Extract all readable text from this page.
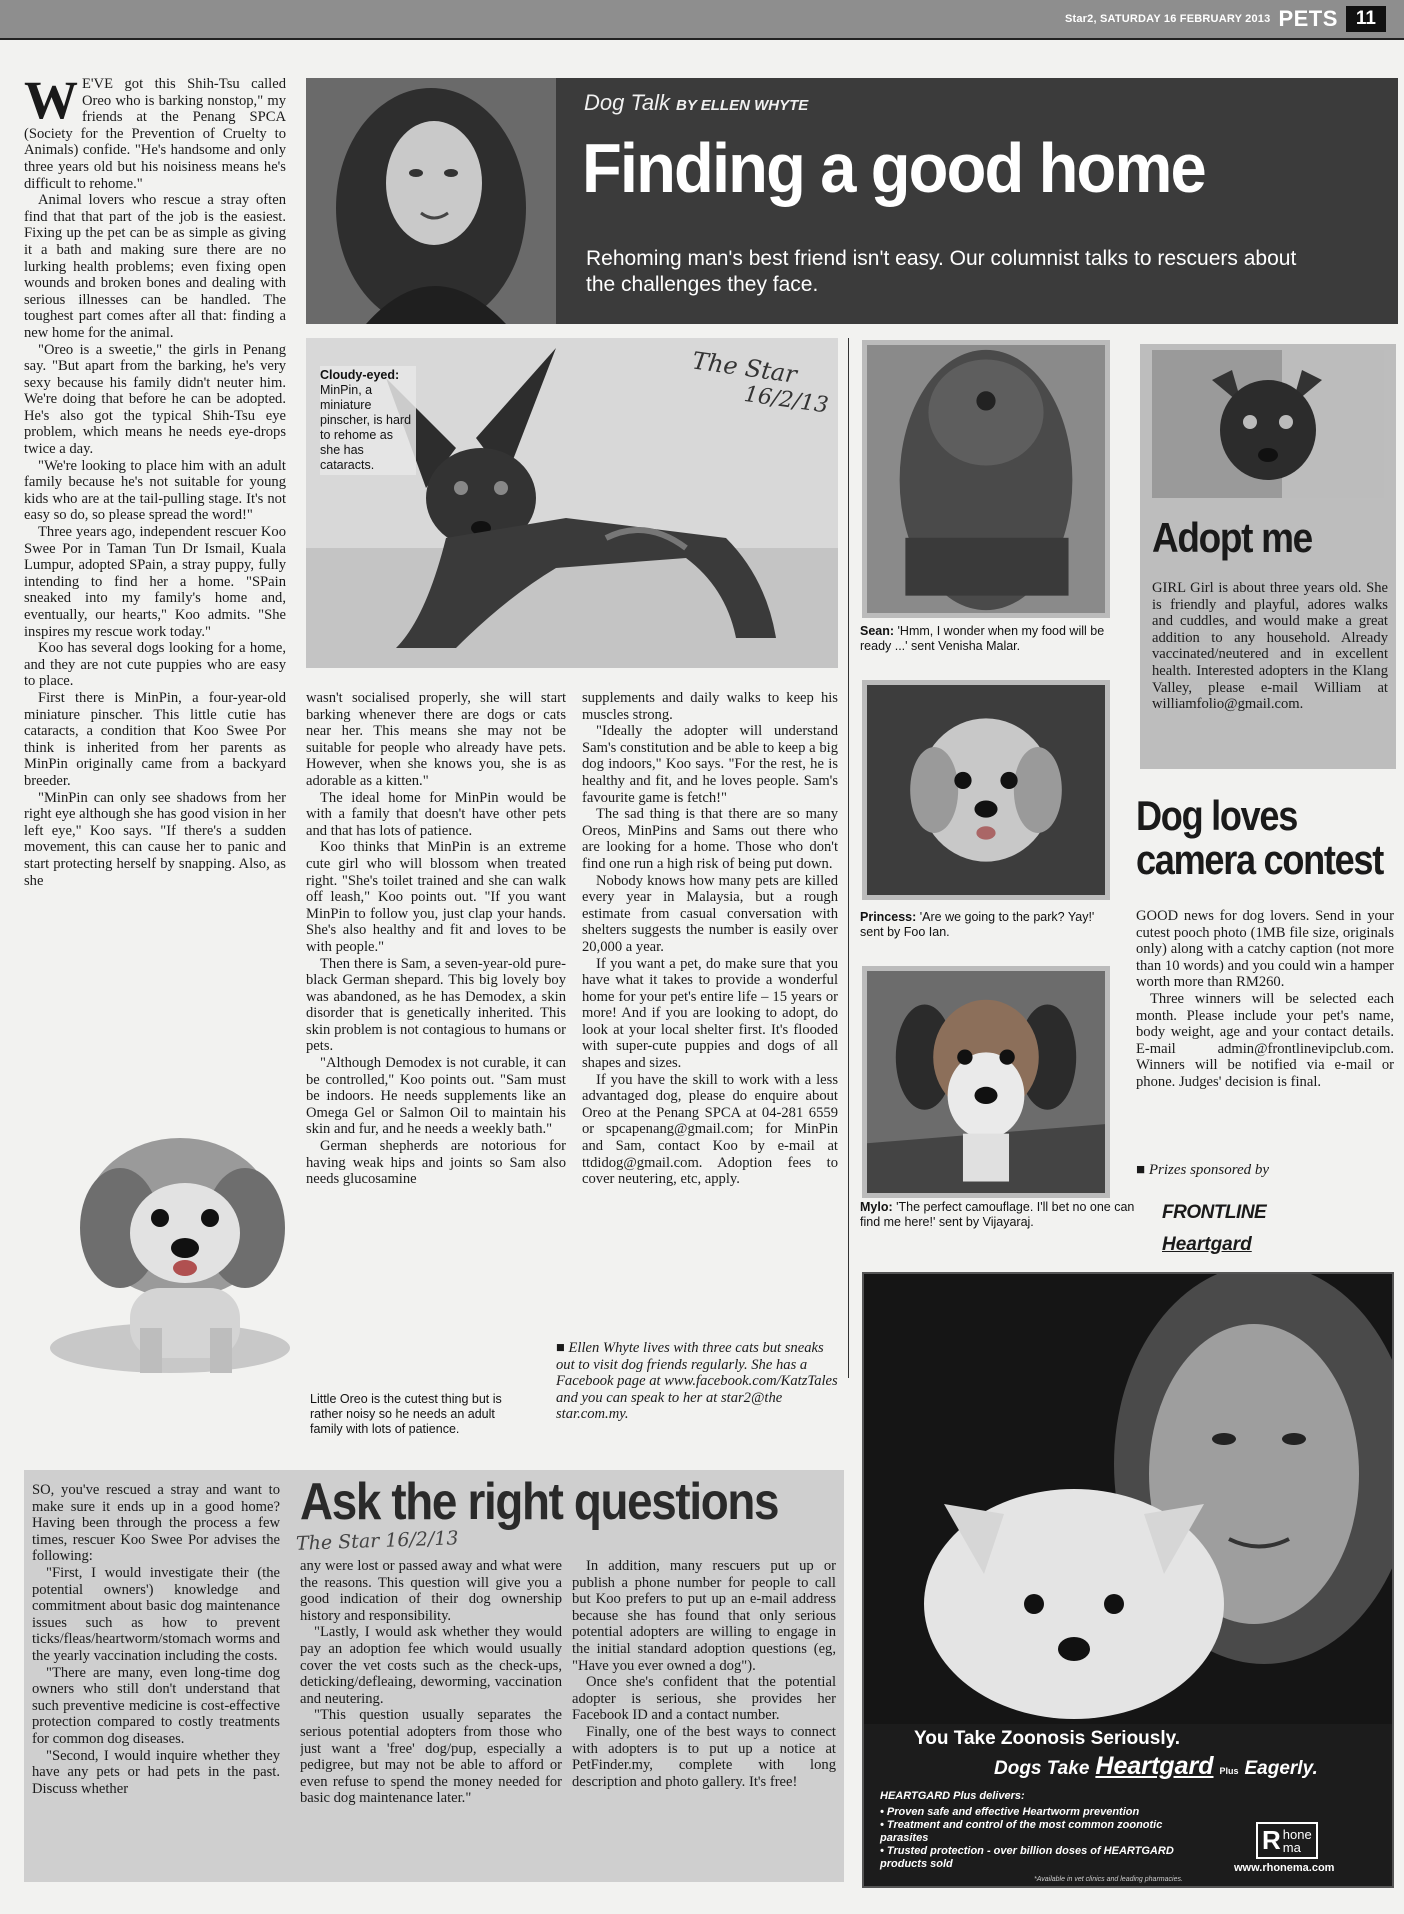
Star2, SATURDAY 16 FEBRUARY 2013 PETS 11
Dog Talk BY ELLEN WHYTE
Finding a good home
Rehoming man's best friend isn't easy. Our columnist talks to rescuers about the challenges they face.
W E'VE got this Shih-Tsu called Oreo who is barking nonstop," my friends at the Penang SPCA (Society for the Prevention of Cruelty to Animals) confide. "He's handsome and only three years old but his noisiness means he's difficult to rehome."

Animal lovers who rescue a stray often find that that part of the job is the easiest. Fixing up the pet can be as simple as giving it a bath and making sure there are no lurking health problems; even fixing open wounds and broken bones and dealing with serious illnesses can be handled. The toughest part comes after all that: finding a new home for the animal.

"Oreo is a sweetie," the girls in Penang say. "But apart from the barking, he's very sexy because his family didn't neuter him. We're doing that before he can be adopted. He's also got the typical Shih-Tsu eye problem, which means he needs eye-drops twice a day.

"We're looking to place him with an adult family because he's not suitable for young kids who are at the tail-pulling stage. It's not easy so do, so please spread the word!"

Three years ago, independent rescuer Koo Swee Por in Taman Tun Dr Ismail, Kuala Lumpur, adopted SPain, a stray puppy, fully intending to find her a home. "SPain sneaked into my family's home and, eventually, our hearts," Koo admits. "She inspires my rescue work today."

Koo has several dogs looking for a home, and they are not cute puppies who are easy to place.

First there is MinPin, a four-year-old miniature pinscher. This little cutie has cataracts, a condition that Koo Swee Por think is inherited from her parents as MinPin originally came from a backyard breeder.

"MinPin can only see shadows from her right eye although she has good vision in her left eye," Koo says. "If there's a sudden movement, this can cause her to panic and start protecting herself by snapping. Also, as she

Cloudy-eyed:
MinPin, a miniature pinscher, is hard to rehome as she has cataracts.
The Star
16/2/13

wasn't socialised properly, she will start barking whenever there are dogs or cats near her. This means she may not be suitable for people who already have pets. However, when she knows you, she is as adorable as a kitten."

The ideal home for MinPin would be with a family that doesn't have other pets and that has lots of patience.

Koo thinks that MinPin is an extreme cute girl who will blossom when treated right. "She's toilet trained and she can walk off leash," Koo points out. "If you want MinPin to follow you, just clap your hands. She's also healthy and fit and loves to be with people."

Then there is Sam, a seven-year-old pure-black German shepard. This big lovely boy was abandoned, as he has Demodex, a skin disorder that is genetically inherited. This skin problem is not contagious to humans or pets.

"Although Demodex is not curable, it can be controlled," Koo points out. "Sam must be indoors. He needs supplements like an Omega Gel or Salmon Oil to maintain his skin and fur, and he needs a weekly bath."

German shepherds are notorious for having weak hips and joints so Sam also needs glucosamine

Little Oreo is the cutest thing but is rather noisy so he needs an adult family with lots of patience.

supplements and daily walks to keep his muscles strong.

"Ideally the adopter will understand Sam's constitution and be able to keep a big dog indoors," Koo says. "For the rest, he is healthy and fit, and he loves people. Sam's favourite game is fetch!"

The sad thing is that there are so many Oreos, MinPins and Sams out there who are looking for a home. Those who don't find one run a high risk of being put down.

Nobody knows how many pets are killed every year in Malaysia, but a rough estimate from casual conversation with shelters suggests the number is easily over 20,000 a year.

If you want a pet, do make sure that you have what it takes to provide a wonderful home for your pet's entire life – 15 years or more! And if you are looking to adopt, do look at your local shelter first. It's flooded with super-cute puppies and dogs of all shapes and sizes.

If you have the skill to work with a less advantaged dog, please do enquire about Oreo at the Penang SPCA at 04-281 6559 or spcapenang@gmail.com; for MinPin and Sam, contact Koo by e-mail at ttdidog@gmail.com. Adoption fees to cover neutering, etc, apply.

■ Ellen Whyte lives with three cats but sneaks out to visit dog friends regularly. She has a Facebook page at www.facebook.com/KatzTales and you can speak to her at star2@the star.com.my.
Sean: 'Hmm, I wonder when my food will be ready ...' sent Venisha Malar.
Princess: 'Are we going to the park? Yay!' sent by Foo Ian.
Mylo: 'The perfect camouflage. I'll bet no one can find me here!' sent by Vijayaraj.
Adopt me
GIRL Girl is about three years old. She is friendly and playful, adores walks and cuddles, and would make a great addition to any household. Already vaccinated/neutered and in excellent health. Interested adopters in the Klang Valley, please e-mail William at williamfolio@gmail.com.
Dog loves
camera contest

GOOD news for dog lovers. Send in your cutest pooch photo (1MB file size, originals only) along with a catchy caption (not more than 10 words) and you could win a hamper worth more than RM260.

Three winners will be selected each month. Please include your pet's name, body weight, age and your contact details. E-mail admin@frontlinevipclub.com. Winners will be notified via e-mail or phone. Judges' decision is final.

■ Prizes sponsored by
FRONTLINE
Heartgard
Ask the right questions
The Star 16/2/13

SO, you've rescued a stray and want to make sure it ends up in a good home? Having been through the process a few times, rescuer Koo Swee Por advises the following:

"First, I would investigate their (the potential owners') knowledge and commitment about basic dog maintenance issues such as how to prevent ticks/fleas/heartworm/stomach worms and the yearly vaccination including the costs.

"There are many, even long-time dog owners who still don't understand that such preventive medicine is cost-effective protection compared to costly treatments for common dog diseases.

"Second, I would inquire whether they have any pets or had pets in the past. Discuss whether

any were lost or passed away and what were the reasons. This question will give you a good indication of their dog ownership history and responsibility.

"Lastly, I would ask whether they would pay an adoption fee which would usually cover the vet costs such as the check-ups, deticking/defleaing, deworming, vaccination and neutering.

"This question usually separates the serious potential adopters from those who just want a 'free' dog/pup, especially a pedigree, but may not be able to afford or even refuse to spend the money needed for basic dog maintenance later."

In addition, many rescuers put up or publish a phone number for people to call but Koo prefers to put up an e-mail address because she has found that only serious potential adopters are willing to engage in the initial standard adoption questions (eg, "Have you ever owned a dog").

Once she's confident that the potential adopter is serious, she provides her Facebook ID and a contact number.

Finally, one of the best ways to connect with adopters is to put up a notice at PetFinder.my, complete with long description and photo gallery. It's free!

You Take Zoonosis Seriously.
Dogs Take Heartgard Plus Eagerly.
HEARTGARD Plus delivers:
• Proven safe and effective Heartworm prevention
• Treatment and control of the most common zoonotic parasites
• Trusted protection - over billion doses of HEARTGARD products sold
R hone
ma
www.rhonema.com
*Available in vet clinics and leading pharmacies.
